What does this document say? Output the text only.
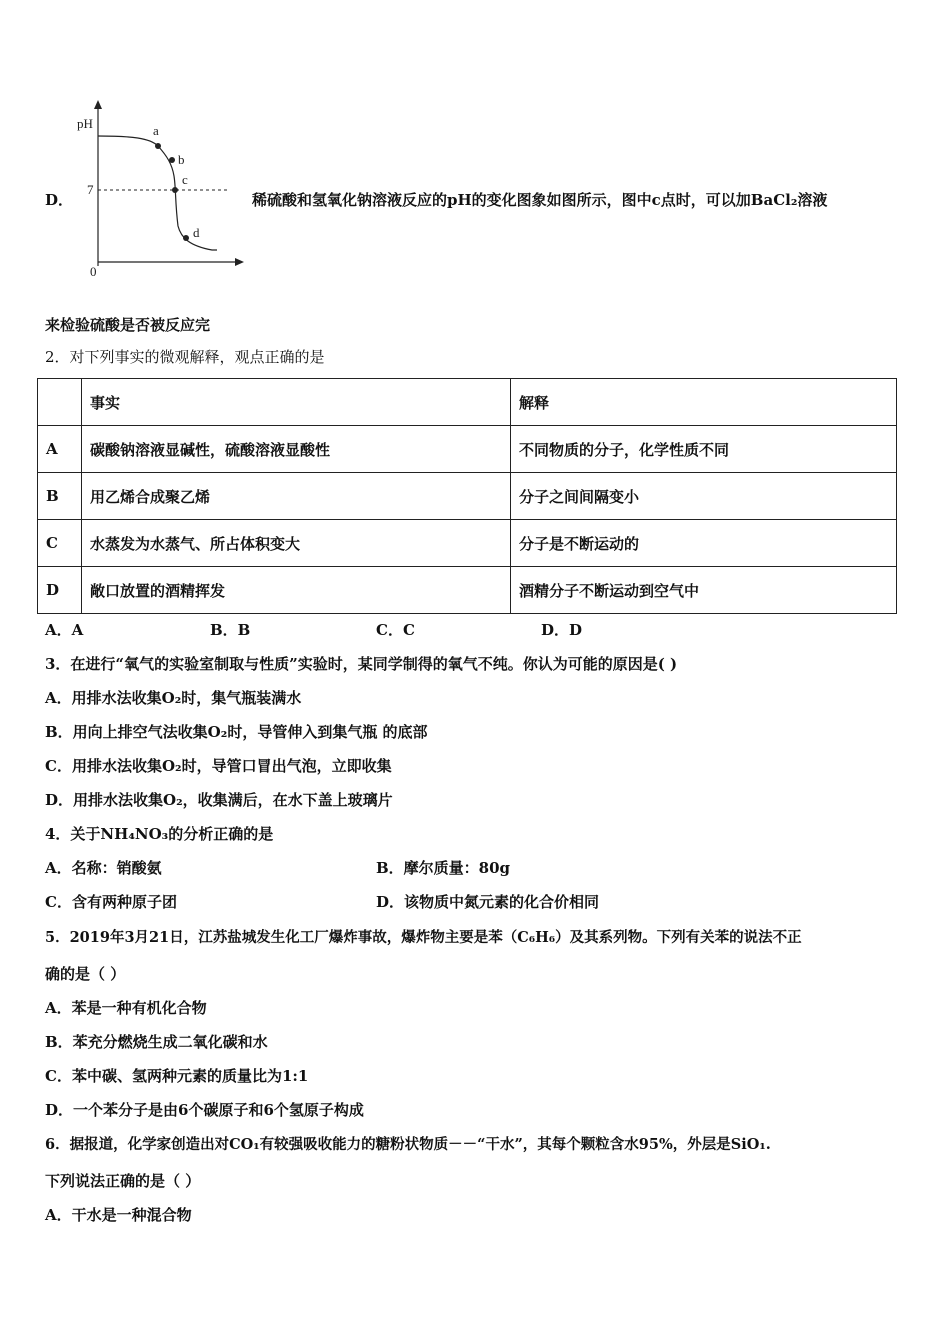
D．
pH
7
0
a
b
c
d
稀硫酸和氢氧化钠溶液反应的pH的变化图象如图所示，图中c点时，可以加BaCl₂溶液
来检验硫酸是否被反应完
2．对下列事实的微观解释，观点正确的是
	事实	解释
A	碳酸钠溶液显碱性，硫酸溶液显酸性	不同物质的分子，化学性质不同
B	用乙烯合成聚乙烯	分子之间间隔变小
C	水蒸发为水蒸气、所占体积变大	分子是不断运动的
D	敞口放置的酒精挥发	酒精分子不断运动到空气中
A．A	B．B	C．C	D．D
3．在进行“氧气的实验室制取与性质”实验时，某同学制得的氧气不纯。你认为可能的原因是( )
A．用排水法收集O₂时，集气瓶装满水
B．用向上排空气法收集O₂时，导管伸入到集气瓶 的底部
C．用排水法收集O₂时，导管口冒出气泡，立即收集
D．用排水法收集O₂，收集满后，在水下盖上玻璃片
4．关于NH₄NO₃的分析正确的是
A．名称：销酸氨	B．摩尔质量：80g
C．含有两种原子团	D．该物质中氮元素的化合价相同
5．2019年3月21日，江苏盐城发生化工厂爆炸事故，爆炸物主要是苯（C₆H₆）及其系列物。下列有关苯的说法不正
确的是（ ）
A．苯是一种有机化合物
B．苯充分燃烧生成二氧化碳和水
C．苯中碳、氢两种元素的质量比为1:1
D．一个苯分子是由6个碳原子和6个氢原子构成
6．据报道，化学家创造出对CO₁有较强吸收能力的糖粉状物质－－“干水”，其每个颗粒含水95%，外层是SiO₁.
下列说法正确的是（ ）
A．干水是一种混合物
